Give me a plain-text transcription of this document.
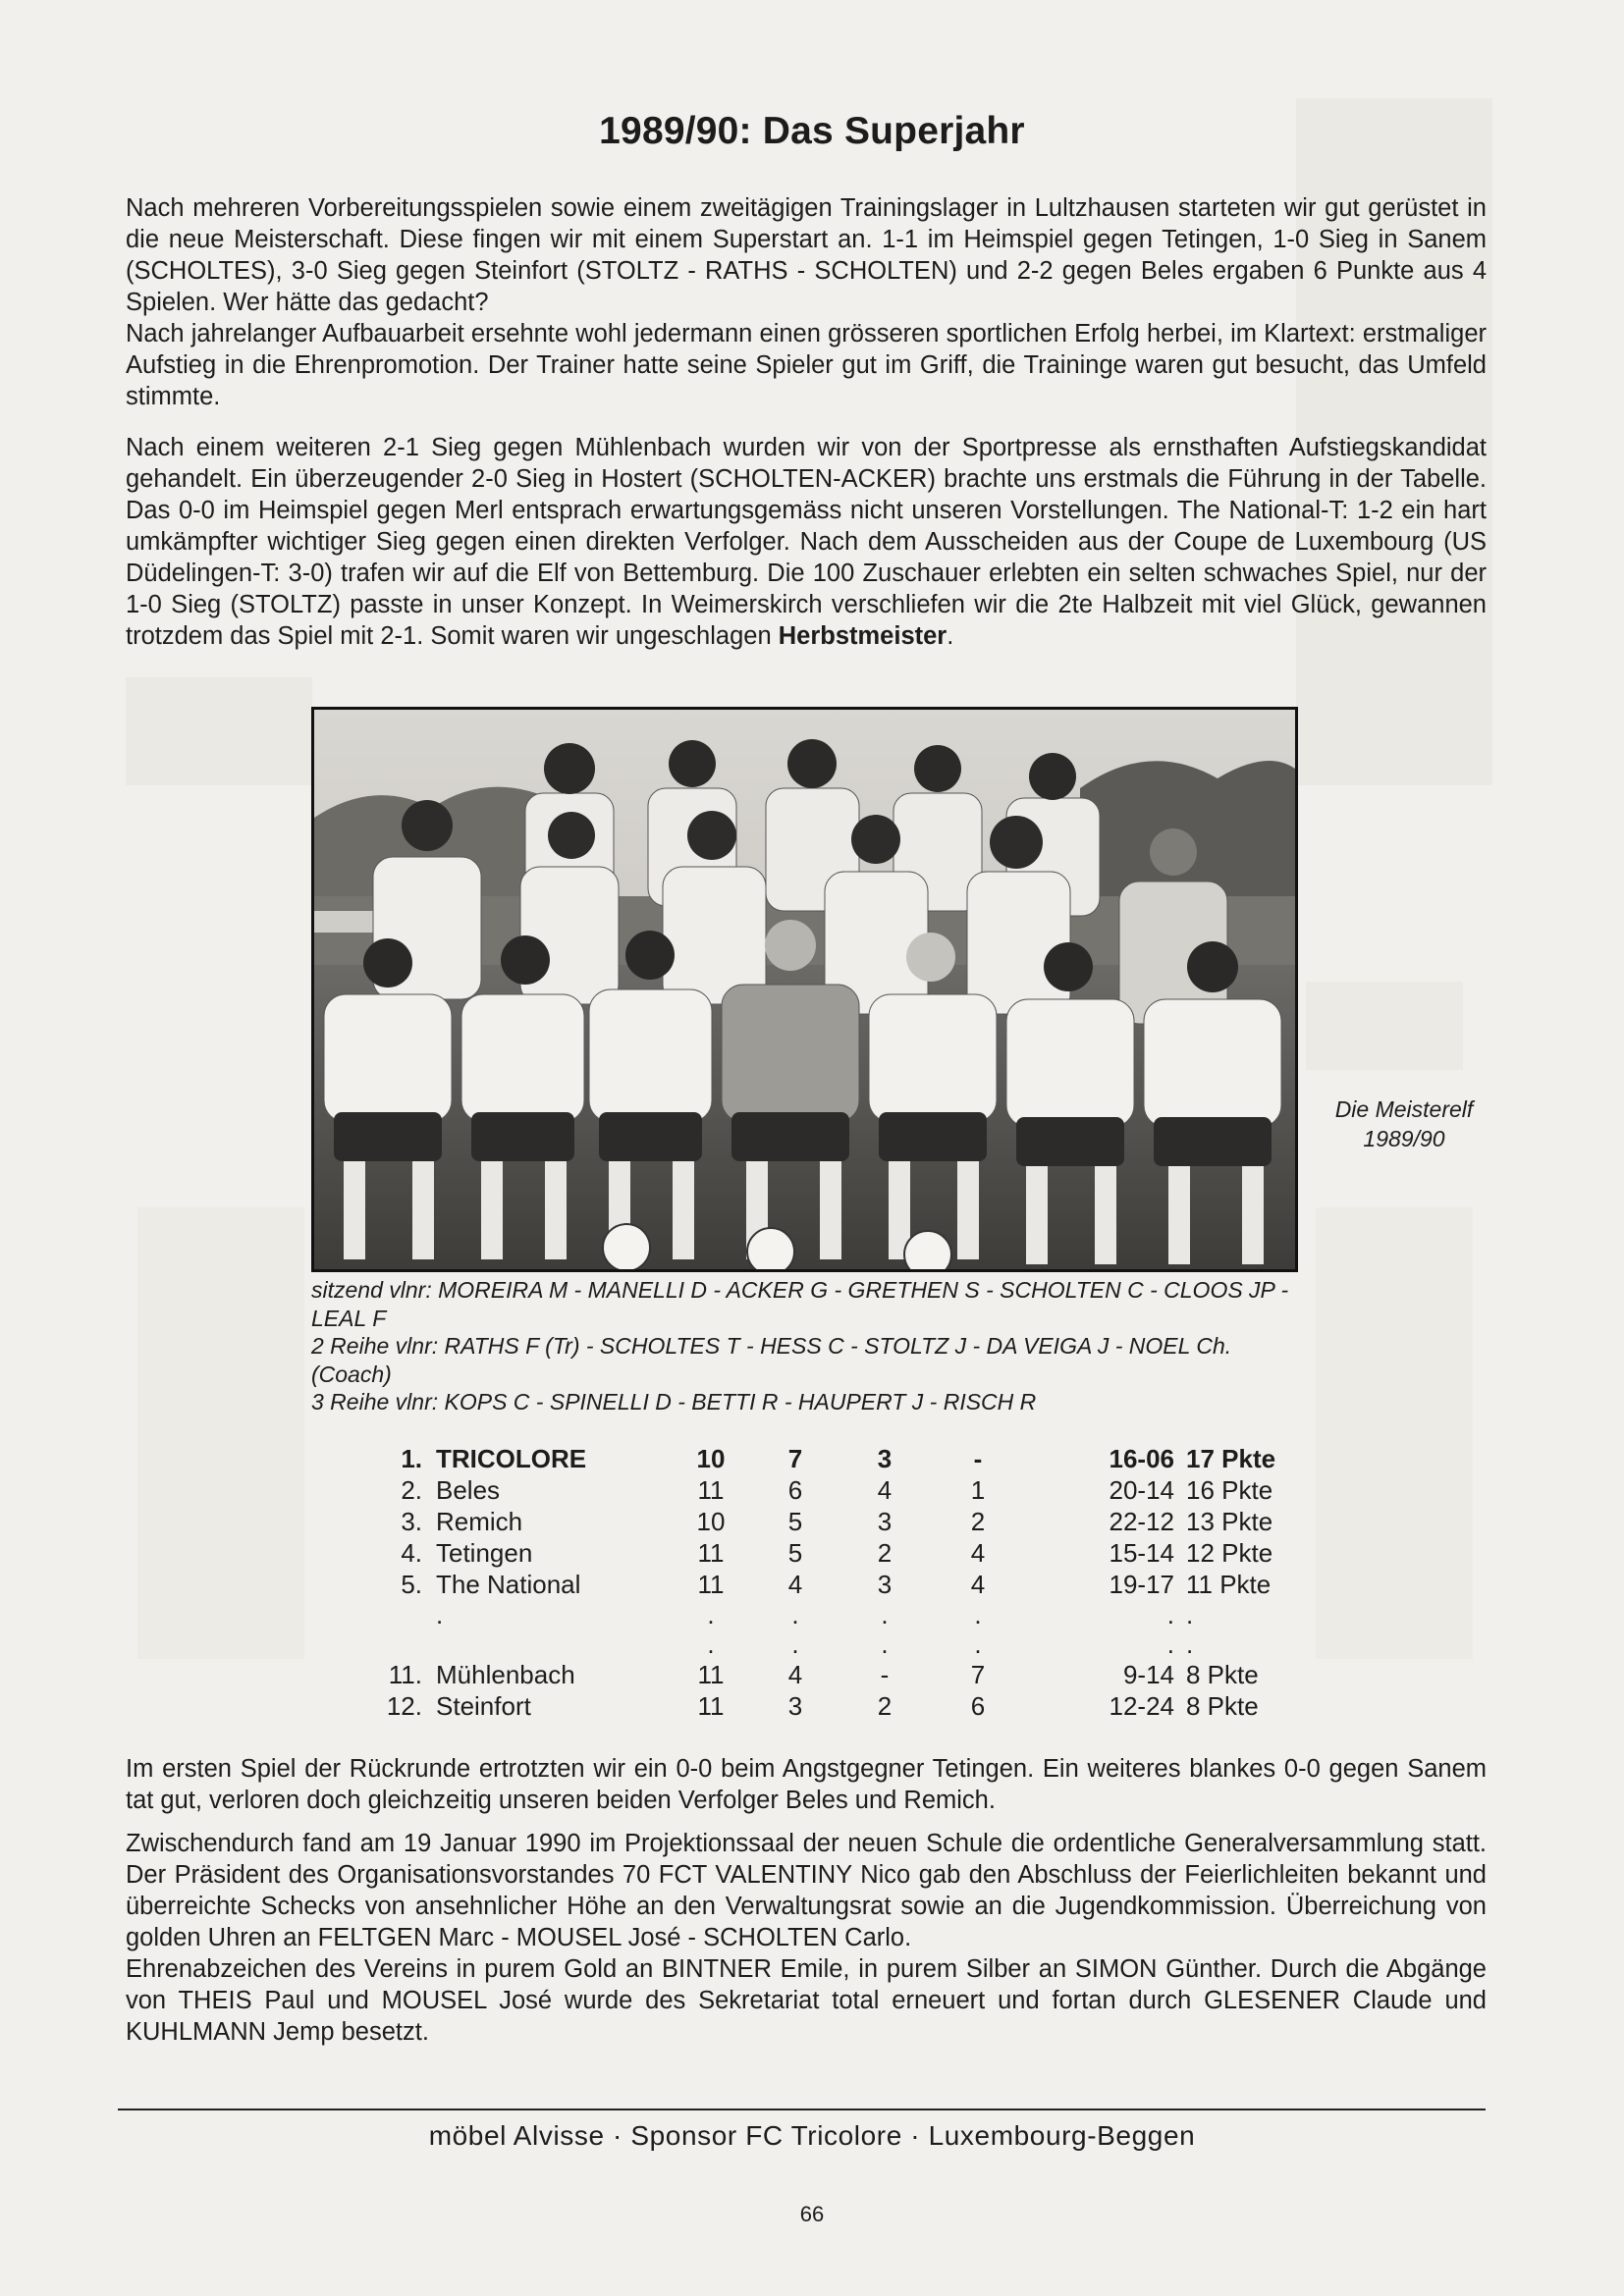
1989/90: Das Superjahr

Nach mehreren Vorbereitungsspielen sowie einem zweitägigen Trainingslager in Lultzhausen starteten wir gut gerüstet in die neue Meisterschaft. Diese fingen wir mit einem Superstart an. 1-1 im Heimspiel gegen Tetingen, 1-0 Sieg in Sanem (SCHOLTES), 3-0 Sieg gegen Steinfort (STOLTZ - RATHS - SCHOLTEN) und 2-2 gegen Beles ergaben 6 Punkte aus 4 Spielen. Wer hätte das gedacht?

Nach jahrelanger Aufbauarbeit ersehnte wohl jedermann einen grösseren sportlichen Erfolg herbei, im Klartext: erstmaliger Aufstieg in die Ehrenpromotion. Der Trainer hatte seine Spieler gut im Griff, die Traininge waren gut besucht, das Umfeld stimmte.

Nach einem weiteren 2-1 Sieg gegen Mühlenbach wurden wir von der Sportpresse als ernsthaften Aufstiegskandidat gehandelt. Ein überzeugender 2-0 Sieg in Hostert (SCHOLTEN-ACKER) brachte uns erstmals die Führung in der Tabelle. Das 0-0 im Heimspiel gegen Merl entsprach erwartungsgemäss nicht unseren Vorstellungen. The National-T: 1-2 ein hart umkämpfter wichtiger Sieg gegen einen direkten Verfolger. Nach dem Ausscheiden aus der Coupe de Luxembourg (US Düdelingen-T: 3-0) trafen wir auf die Elf von Bettemburg. Die 100 Zuschauer erlebten ein selten schwaches Spiel, nur der 1-0 Sieg (STOLTZ) passte in unser Konzept. In Weimerskirch verschliefen wir die 2te Halbzeit mit viel Glück, gewannen trotzdem das Spiel mit 2-1. Somit waren wir ungeschlagen Herbstmeister.

Die Meisterelf
1989/90
sitzend vlnr: MOREIRA M - MANELLI D - ACKER G - GRETHEN S - SCHOLTEN C - CLOOS JP - LEAL F
2 Reihe vlnr: RATHS F (Tr) - SCHOLTES T - HESS C - STOLTZ J - DA VEIGA J - NOEL Ch. (Coach)
3 Reihe vlnr: KOPS C - SPINELLI D - BETTI R - HAUPERT J - RISCH R
1.	TRICOLORE	10	7	3	-	16-06	17 Pkte
2.	Beles	11	6	4	1	20-14	16 Pkte
3.	Remich	10	5	3	2	22-12	13 Pkte
4.	Tetingen	11	5	2	4	15-14	12 Pkte
5.	The National	11	4	3	4	19-17	11 Pkte
	.	.	.	.	.	.	.
		.	.	.	.	.	.
11.	Mühlenbach	11	4	-	7	9-14	8 Pkte
12.	Steinfort	11	3	2	6	12-24	8 Pkte

Im ersten Spiel der Rückrunde ertrotzten wir ein 0-0 beim Angstgegner Tetingen. Ein weiteres blankes 0-0 gegen Sanem tat gut, verloren doch gleichzeitig unseren beiden Verfolger Beles und Remich.

Zwischendurch fand am 19 Januar 1990 im Projektionssaal der neuen Schule die ordentliche Generalversammlung statt. Der Präsident des Organisationsvorstandes 70 FCT VALENTINY Nico gab den Abschluss der Feierlichleiten bekannt und überreichte Schecks von ansehnlicher Höhe an den Verwaltungsrat sowie an die Jugendkommission. Überreichung von golden Uhren an FELTGEN Marc - MOUSEL José - SCHOLTEN Carlo.

Ehrenabzeichen des Vereins in purem Gold an BINTNER Emile, in purem Silber an SIMON Günther. Durch die Abgänge von THEIS Paul und MOUSEL José wurde des Sekretariat total erneuert und fortan durch GLESENER Claude und KUHLMANN Jemp besetzt.

möbel Alvisse · Sponsor FC Tricolore · Luxembourg-Beggen
66
